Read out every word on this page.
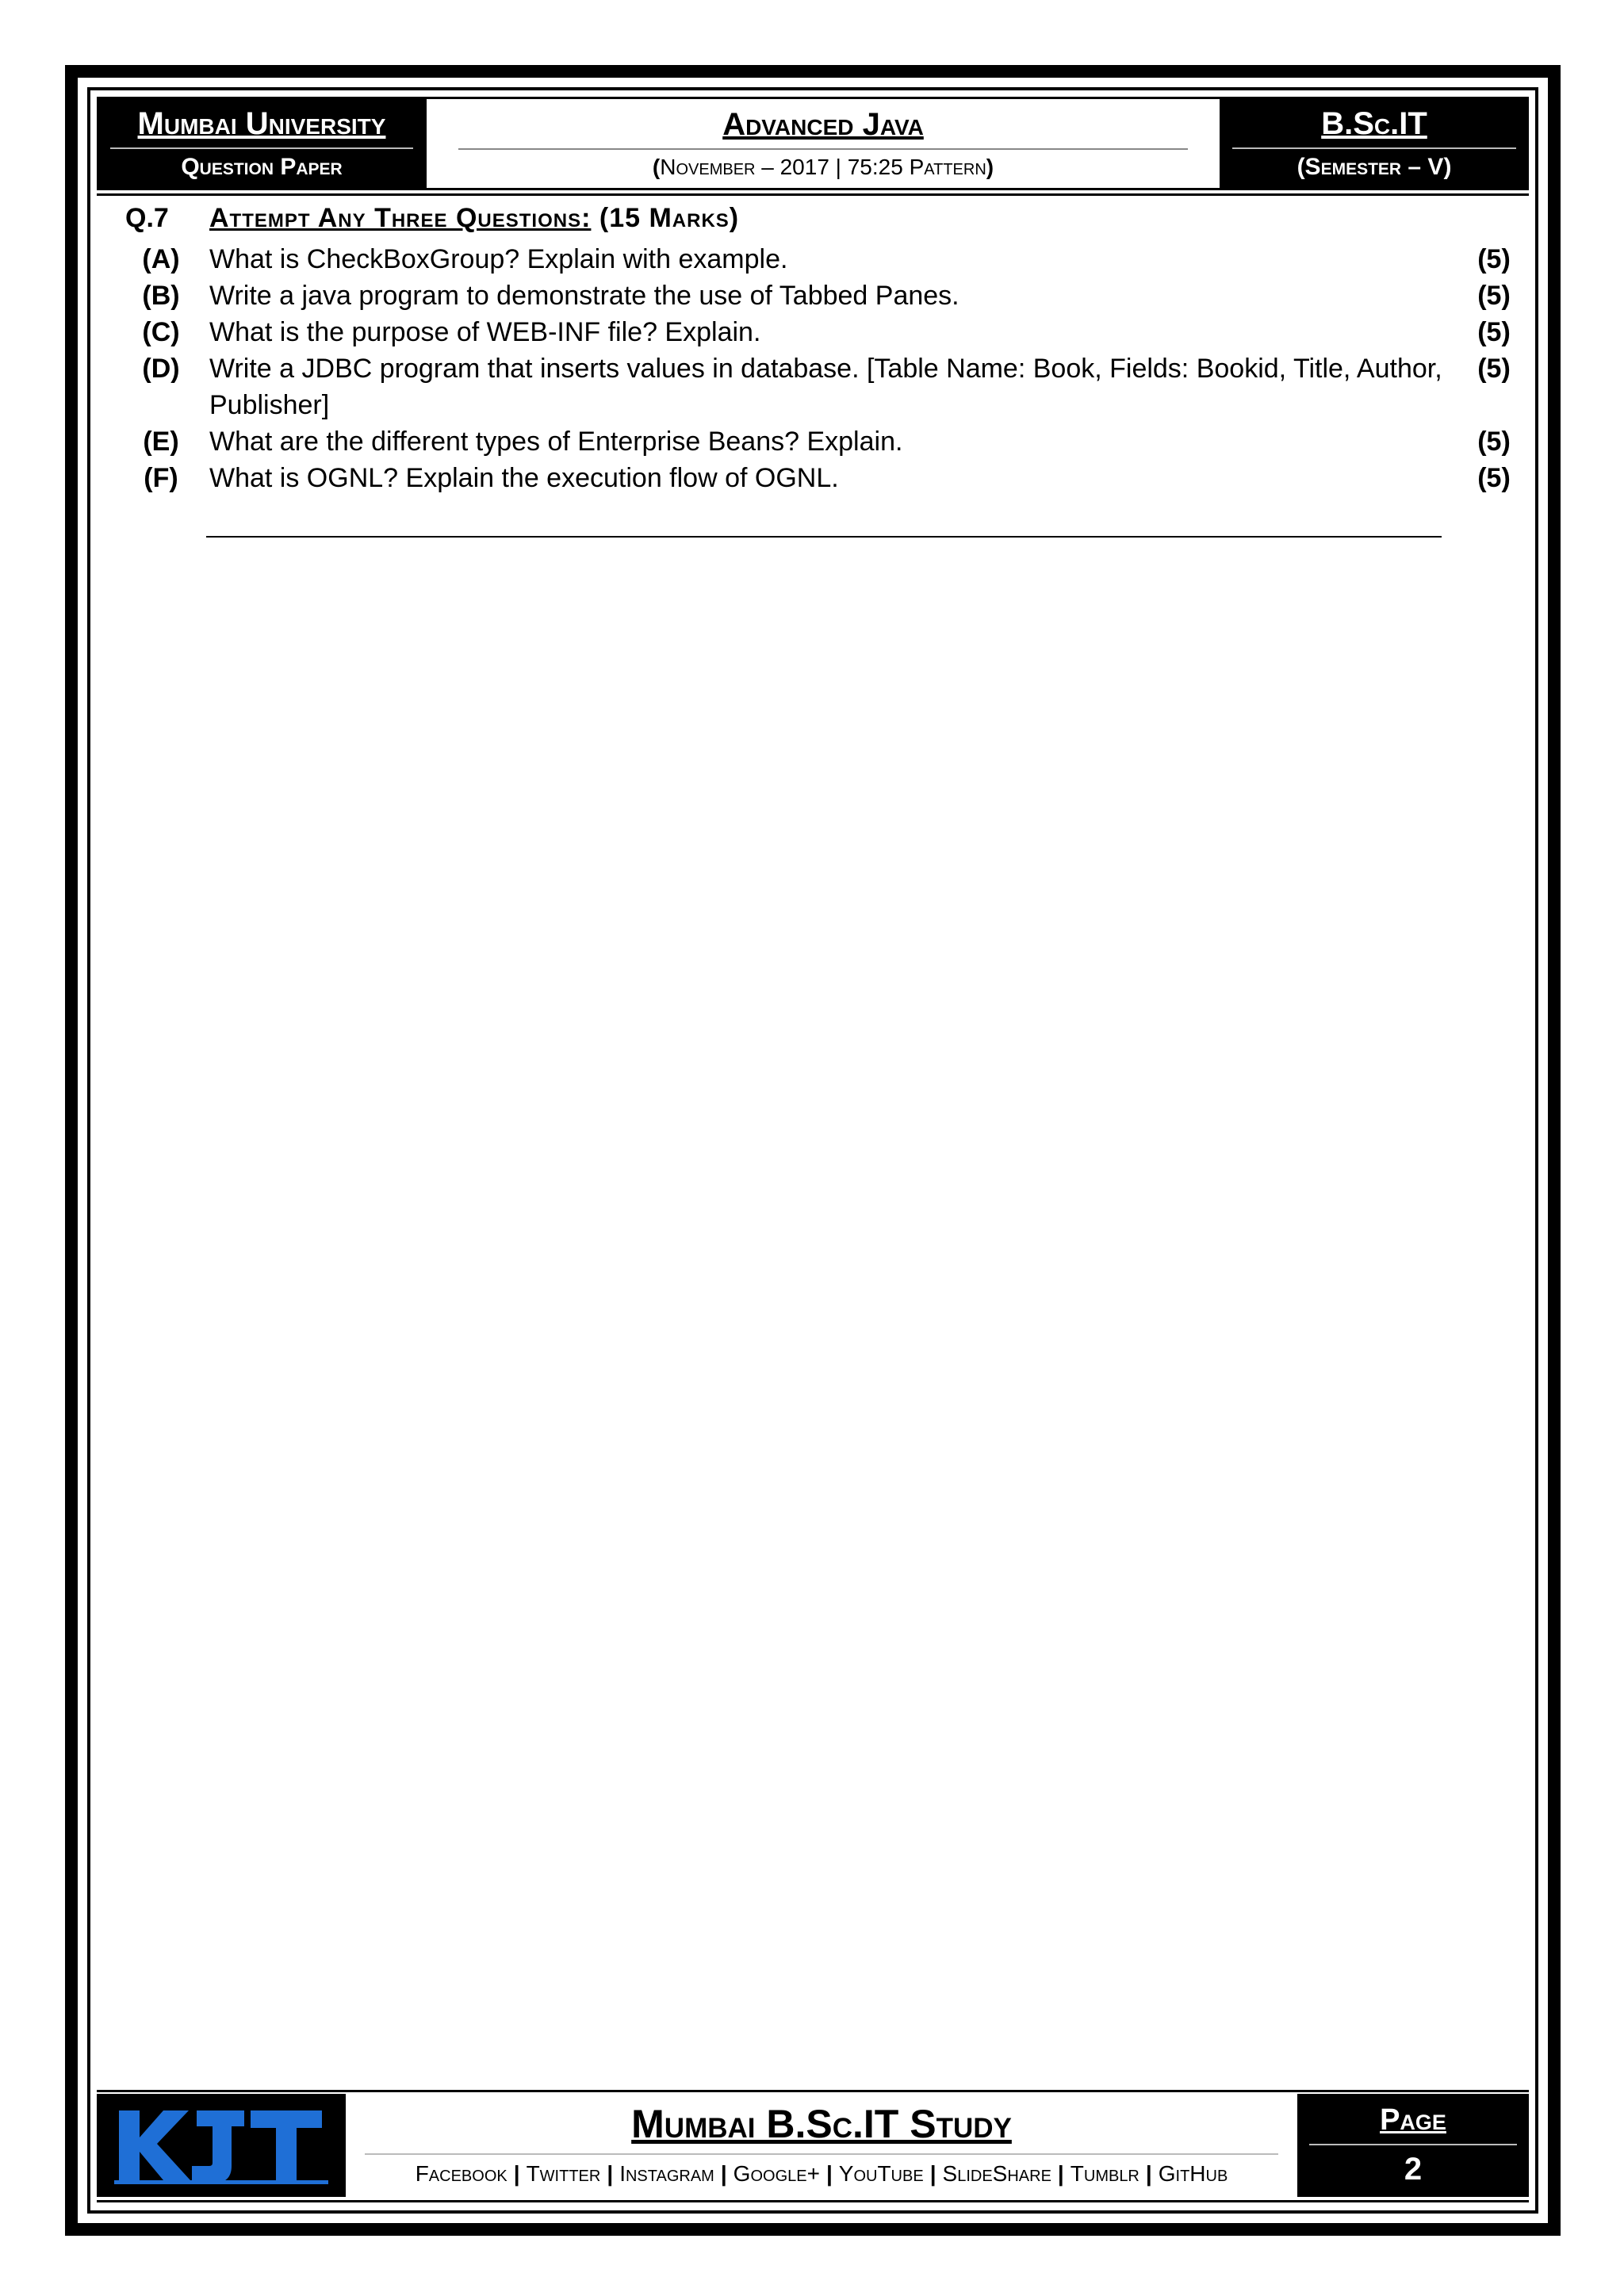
Mumbai University
Question Paper
Advanced Java
(November – 2017 | 75:25 Pattern)
B.Sc.IT
(Semester – V)
Q.7	Attempt Any Three Questions: (15 Marks)
(A)	What is CheckBoxGroup? Explain with example.	(5)
(B)	Write a java program to demonstrate the use of Tabbed Panes.	(5)
(C)	What is the purpose of WEB-INF file? Explain.	(5)
(D)	Write a JDBC program that inserts values in database. [Table Name: Book, Fields: Bookid, Title, Author,	(5)
Publisher]
(E)	What are the different types of Enterprise Beans? Explain.	(5)
(F)	What is OGNL? Explain the execution flow of OGNL.	(5)
Mumbai B.Sc.IT Study
Facebook | Twitter | Instagram | Google+ | YouTube | SlideShare | Tumblr | GitHub
Page
2
